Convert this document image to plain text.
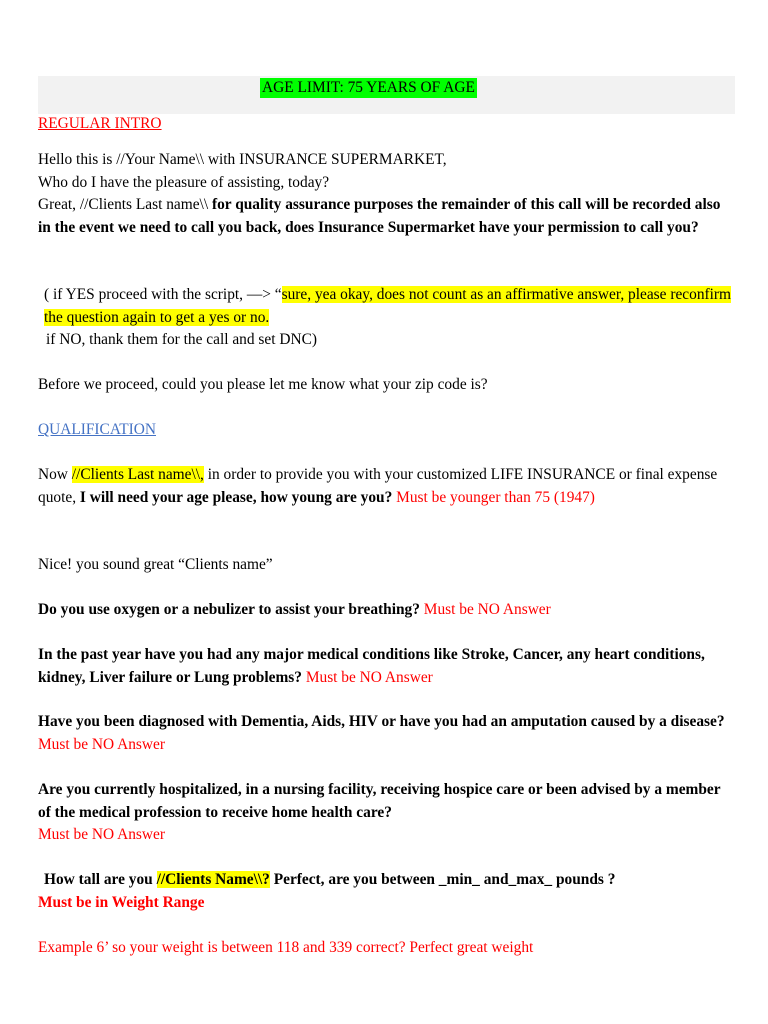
AGE LIMIT: 75 YEARS OF AGE
REGULAR INTRO

Hello this is //Your Name\\ with INSURANCE SUPERMARKET,

Who do I have the pleasure of assisting, today?

Great, //Clients Last name\\ for quality assurance purposes the remainder of this call will be recorded also in the event we need to call you back, does Insurance Supermarket have your permission to call you?

( if YES proceed with the script, —> “sure, yea okay, does not count as an affirmative answer, please reconfirm the question again to get a yes or no.

if NO, thank them for the call and set DNC)

Before we proceed, could you please let me know what your zip code is?
QUALIFICATION
Now //Clients Last name\\, in order to provide you with your customized LIFE INSURANCE or final expense quote, I will need your age please, how young are you? Must be younger than 75 (1947)
Nice! you sound great “Clients name”
Do you use oxygen or a nebulizer to assist your breathing? Must be NO Answer
In the past year have you had any major medical conditions like Stroke, Cancer, any heart conditions, kidney, Liver failure or Lung problems? Must be NO Answer
Have you been diagnosed with Dementia, Aids, HIV or have you had an amputation caused by a disease? Must be NO Answer

Are you currently hospitalized, in a nursing facility, receiving hospice care or been advised by a member of the medical profession to receive home health care?

Must be NO Answer

How tall are you //Clients Name\\? Perfect, are you between _min_ and_max_ pounds ?

Must be in Weight Range

Example 6’ so your weight is between 118 and 339 correct? Perfect great weight
